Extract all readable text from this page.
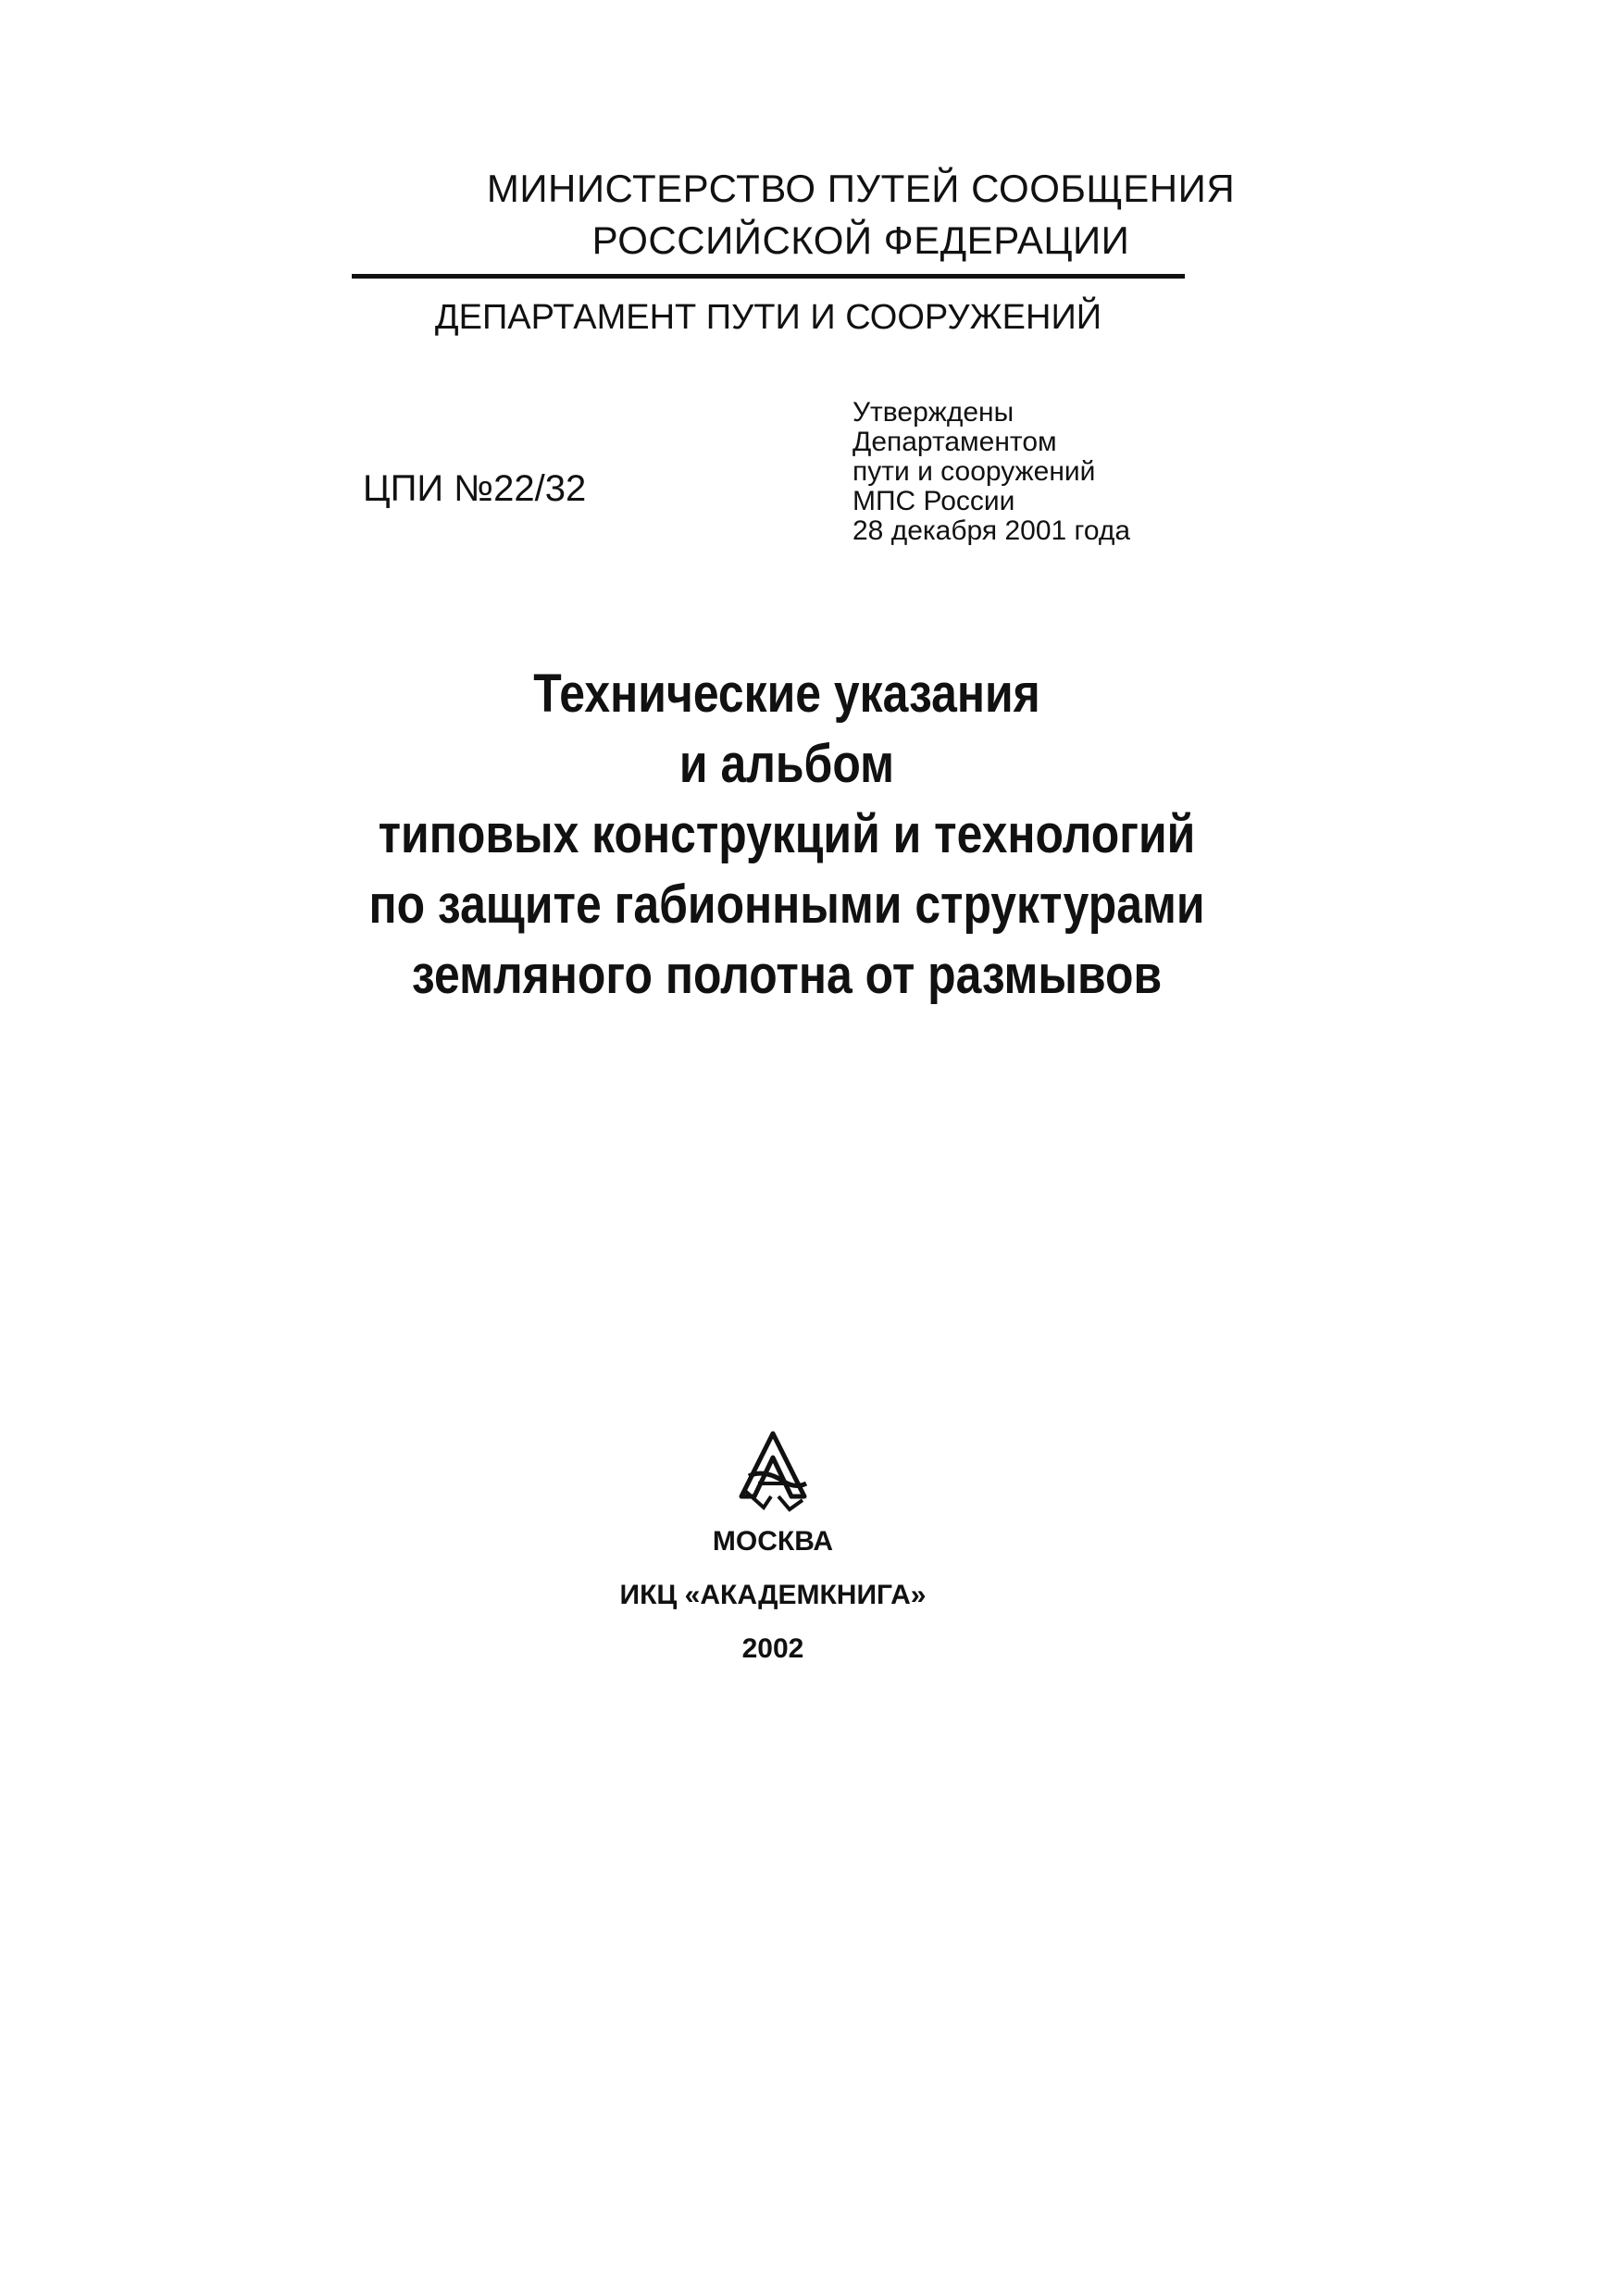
МИНИСТЕРСТВО ПУТЕЙ СООБЩЕНИЯ
РОССИЙСКОЙ ФЕДЕРАЦИИ
ДЕПАРТАМЕНТ ПУТИ И СООРУЖЕНИЙ
ЦПИ №22/32
Утверждены
Департаментом
пути и сооружений
МПС России
28 декабря 2001 года
Технические указания
и альбом
типовых конструкций и технологий
по защите габионными структурами
земляного полотна от размывов
МОСКВА
ИКЦ «АКАДЕМКНИГА»
2002
